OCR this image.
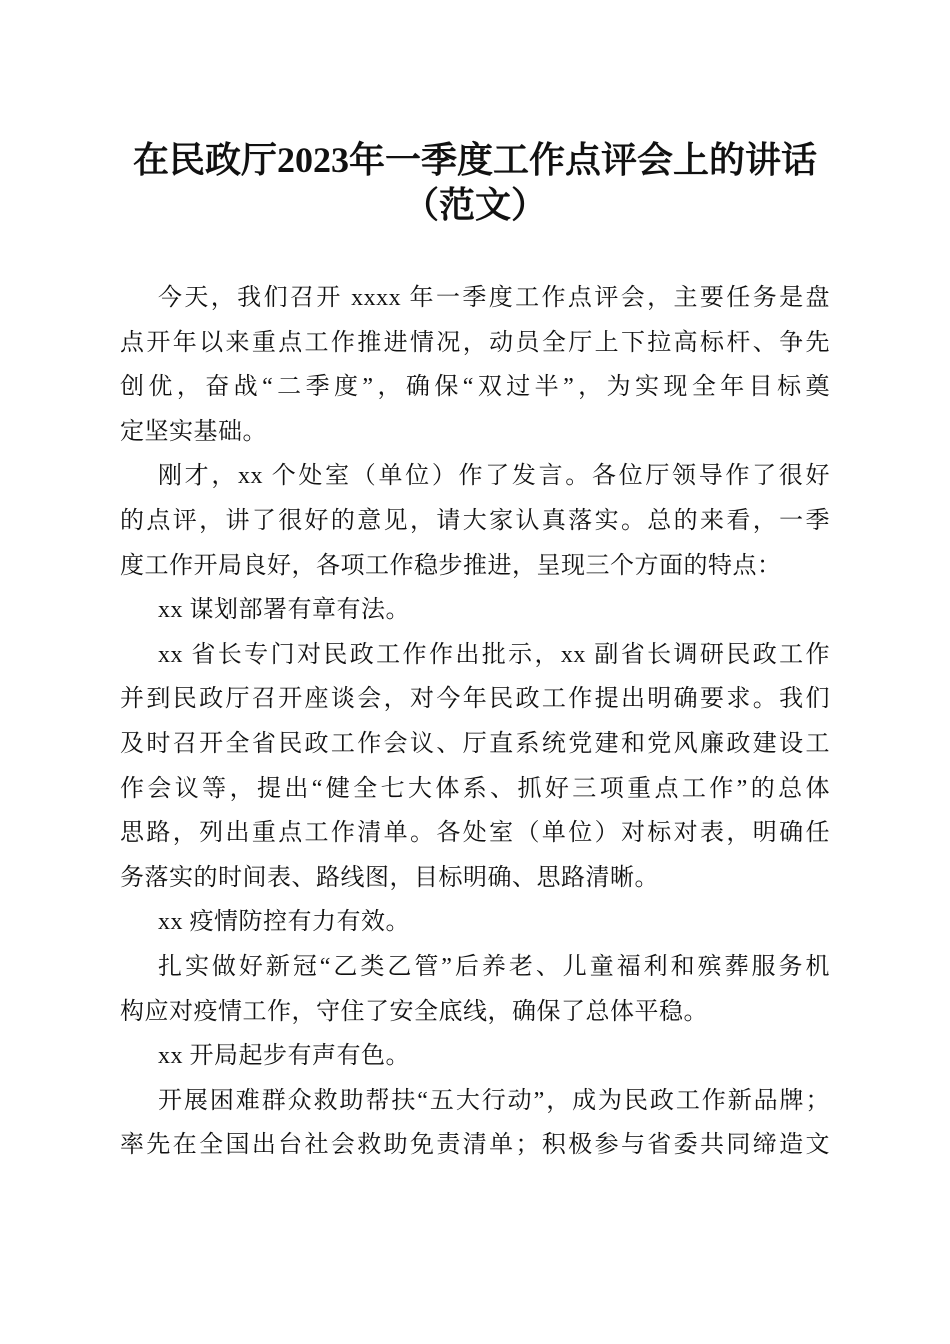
在民政厅2023年一季度工作点评会上的讲话
（范文）
今天，我们召开 xxxx 年一季度工作点评会，主要任务是盘
点开年以来重点工作推进情况，动员全厅上下拉高标杆、争先
创优，奋战“二季度”，确保“双过半”，为实现全年目标奠
定坚实基础。
刚才，xx 个处室（单位）作了发言。各位厅领导作了很好
的点评，讲了很好的意见，请大家认真落实。总的来看，一季
度工作开局良好，各项工作稳步推进，呈现三个方面的特点：
xx 谋划部署有章有法。
xx 省长专门对民政工作作出批示，xx 副省长调研民政工作
并到民政厅召开座谈会，对今年民政工作提出明确要求。我们
及时召开全省民政工作会议、厅直系统党建和党风廉政建设工
作会议等，提出“健全七大体系、抓好三项重点工作”的总体
思路，列出重点工作清单。各处室（单位）对标对表，明确任
务落实的时间表、路线图，目标明确、思路清晰。
xx 疫情防控有力有效。
扎实做好新冠“乙类乙管”后养老、儿童福利和殡葬服务机
构应对疫情工作，守住了安全底线，确保了总体平稳。
xx 开局起步有声有色。
开展困难群众救助帮扶“五大行动”，成为民政工作新品牌；
率先在全国出台社会救助免责清单；积极参与省委共同缔造文
